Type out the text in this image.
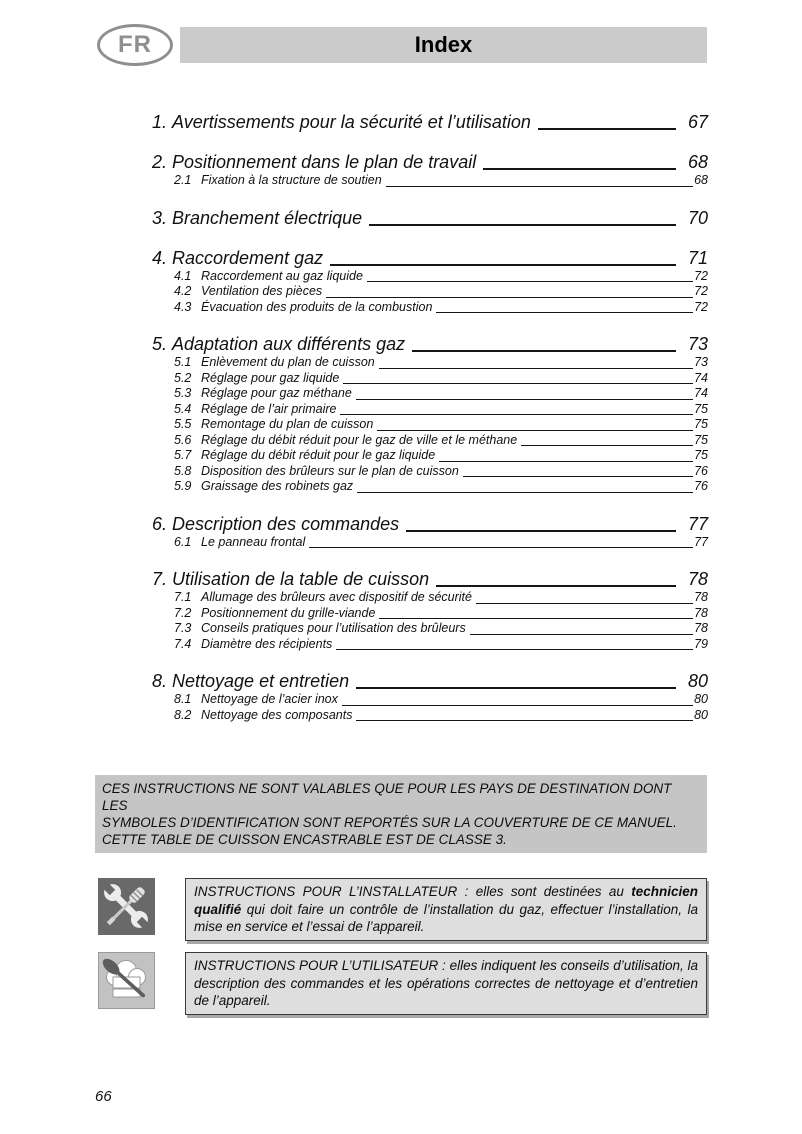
FR	Index
1. Avertissements pour la sécurité et l’utilisation	67
2. Positionnement dans le plan de travail	68
2.1 Fixation à la structure de soutien	68
3. Branchement électrique	70
4. Raccordement gaz	71
4.1 Raccordement au gaz liquide	72
4.2 Ventilation des pièces	72
4.3 Évacuation des produits de la combustion	72
5. Adaptation aux différents gaz	73
5.1 Enlèvement du plan de cuisson	73
5.2 Réglage pour gaz liquide	74
5.3 Réglage pour gaz méthane	74
5.4 Réglage de l’air primaire	75
5.5 Remontage du plan de cuisson	75
5.6 Réglage du débit réduit pour le gaz de ville et le méthane	75
5.7 Réglage du débit réduit pour le gaz liquide	75
5.8 Disposition des brûleurs sur le plan de cuisson	76
5.9 Graissage des robinets gaz	76
6. Description des commandes	77
6.1 Le panneau frontal	77
7. Utilisation de la table de cuisson	78
7.1 Allumage des brûleurs avec dispositif de sécurité	78
7.2 Positionnement du grille-viande	78
7.3 Conseils pratiques pour l’utilisation des brûleurs	78
7.4 Diamètre des récipients	79
8. Nettoyage et entretien	80
8.1 Nettoyage de l’acier inox	80
8.2 Nettoyage des composants	80
CES INSTRUCTIONS NE SONT VALABLES QUE POUR LES PAYS DE DESTINATION DONT LES
SYMBOLES D’IDENTIFICATION SONT REPORTÉS SUR LA COUVERTURE DE CE MANUEL.
CETTE TABLE DE CUISSON ENCASTRABLE EST DE CLASSE 3.
INSTRUCTIONS POUR L’INSTALLATEUR : elles sont destinées au technicien qualifié qui doit faire un contrôle de l’installation du gaz, effectuer l’installation, la mise en service et l’essai de l’appareil.
INSTRUCTIONS POUR L’UTILISATEUR : elles indiquent les conseils d’utilisation, la description des commandes et les opérations correctes de nettoyage et d’entretien de l’appareil.
66
